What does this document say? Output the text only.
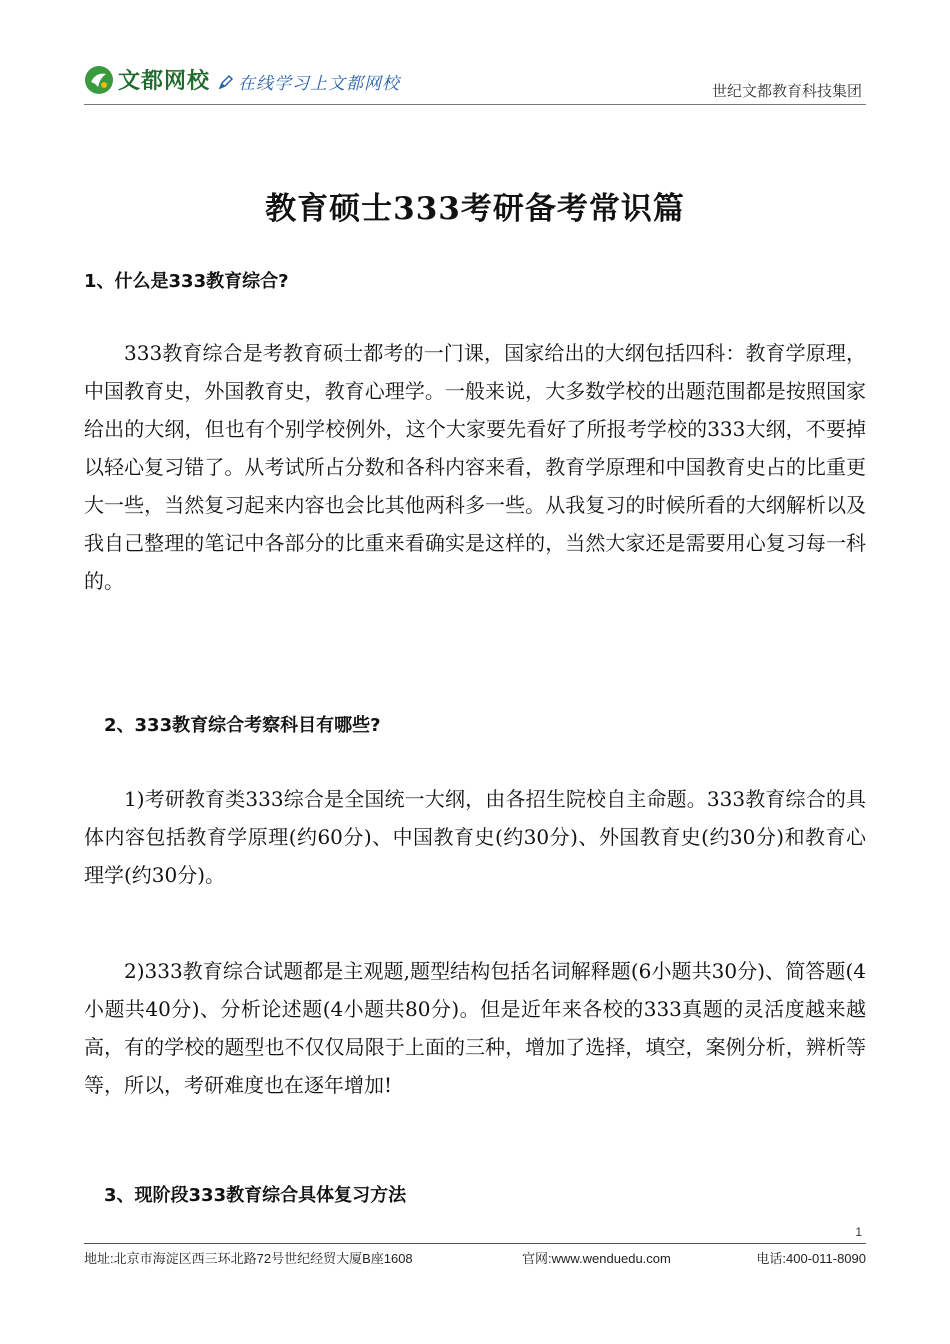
文都网校 在线学习上文都网校	世纪文都教育科技集团
教育硕士333考研备考常识篇
1、什么是333教育综合?

333教育综合是考教育硕士都考的一门课，国家给出的大纲包括四科：教育学原理，中国教育史，外国教育史，教育心理学。一般来说，大多数学校的出题范围都是按照国家给出的大纲，但也有个别学校例外，这个大家要先看好了所报考学校的333大纲，不要掉以轻心复习错了。从考试所占分数和各科内容来看，教育学原理和中国教育史占的比重更大一些，当然复习起来内容也会比其他两科多一些。从我复习的时候所看的大纲解析以及我自己整理的笔记中各部分的比重来看确实是这样的，当然大家还是需要用心复习每一科的。

2、333教育综合考察科目有哪些?

1)考研教育类333综合是全国统一大纲，由各招生院校自主命题。333教育综合的具体内容包括教育学原理(约60分)、中国教育史(约30分)、外国教育史(约30分)和教育心理学(约30分)。

2)333教育综合试题都是主观题,题型结构包括名词解释题(6小题共30分)、简答题(4小题共40分)、分析论述题(4小题共80分)。但是近年来各校的333真题的灵活度越来越高，有的学校的题型也不仅仅局限于上面的三种，增加了选择，填空，案例分析，辨析等等，所以，考研难度也在逐年增加!

3、现阶段333教育综合具体复习方法
1
地址:北京市海淀区西三环北路72号世纪经贸大厦B座1608	官网:www.wenduedu.com	电话:400-011-8090
